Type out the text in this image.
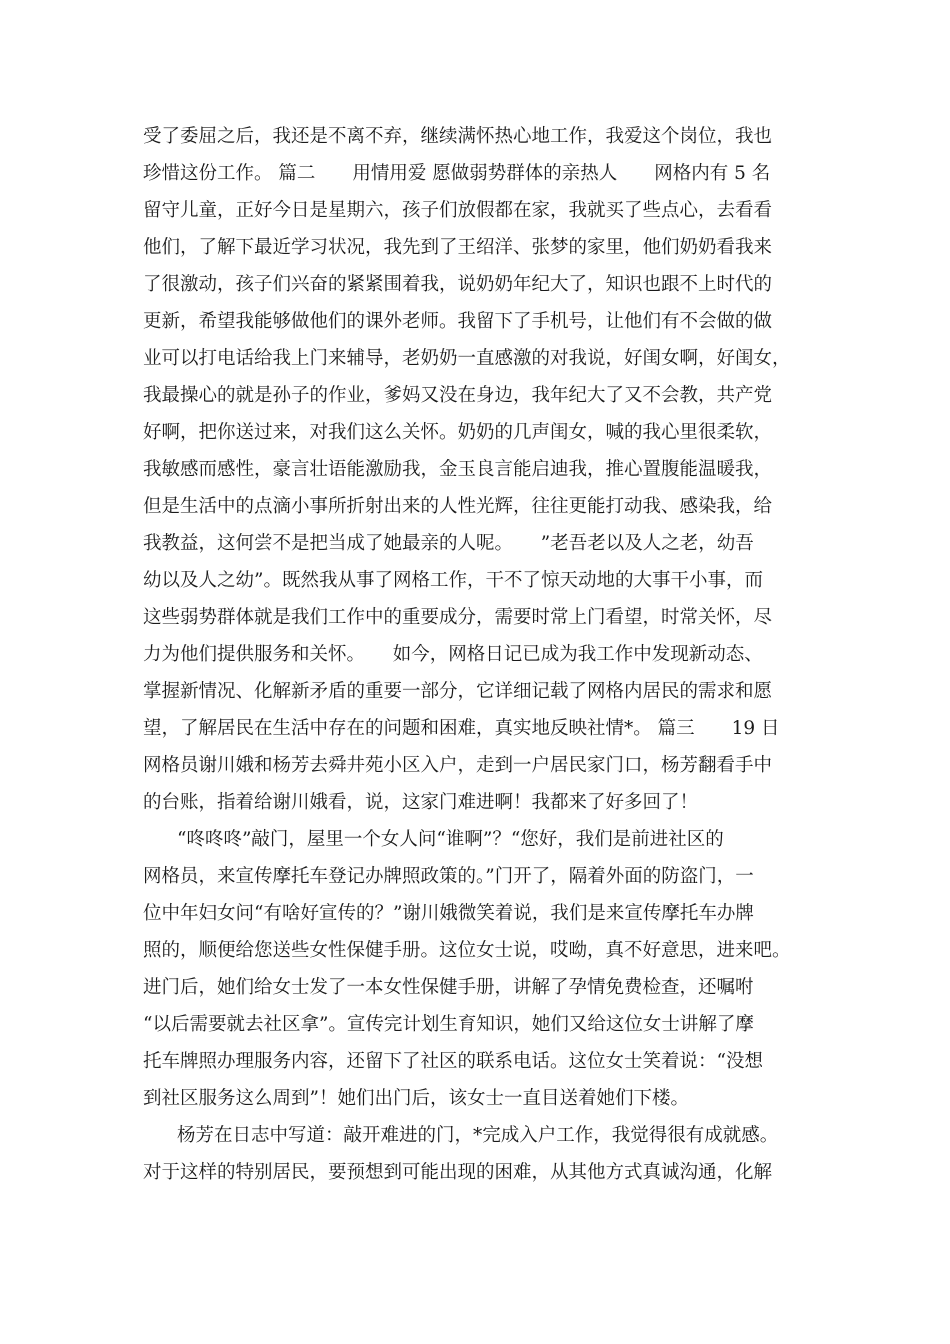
受了委屈之后，我还是不离不弃，继续满怀热心地工作，我爱这个岗位，我也
珍惜这份工作。 篇二　　用情用爱 愿做弱势群体的亲热人　　网格内有 5 名
留守儿童，正好今日是星期六，孩子们放假都在家，我就买了些点心，去看看
他们，了解下最近学习状况，我先到了王绍洋、张梦的家里，他们奶奶看我来
了很激动，孩子们兴奋的紧紧围着我，说奶奶年纪大了，知识也跟不上时代的
更新，希望我能够做他们的课外老师。我留下了手机号，让他们有不会做的做
业可以打电话给我上门来辅导，老奶奶一直感激的对我说，好闺女啊，好闺女，
我最操心的就是孙子的作业，爹妈又没在身边，我年纪大了又不会教，共产党
好啊，把你送过来，对我们这么关怀。奶奶的几声闺女，喊的我心里很柔软，
我敏感而感性，豪言壮语能激励我，金玉良言能启迪我，推心置腹能温暖我，
但是生活中的点滴小事所折射出来的人性光辉，往往更能打动我、感染我，给
我教益，这何尝不是把当成了她最亲的人呢。　　”老吾老以及人之老，幼吾
幼以及人之幼”。既然我从事了网格工作，干不了惊天动地的大事干小事，而
这些弱势群体就是我们工作中的重要成分，需要时常上门看望，时常关怀，尽
力为他们提供服务和关怀。　　如今，网格日记已成为我工作中发现新动态、
掌握新情况、化解新矛盾的重要一部分，它详细记载了网格内居民的需求和愿
望，了解居民在生活中存在的问题和困难，真实地反映社情*。 篇三　　19 日
网格员谢川娥和杨芳去舜井苑小区入户，走到一户居民家门口，杨芳翻看手中
的台账，指着给谢川娥看，说，这家门难进啊！我都来了好多回了！
“咚咚咚”敲门，屋里一个女人问“谁啊”？“您好，我们是前进社区的
网格员，来宣传摩托车登记办牌照政策的。”门开了，隔着外面的防盗门，一
位中年妇女问“有啥好宣传的？”谢川娥微笑着说，我们是来宣传摩托车办牌
照的，顺便给您送些女性保健手册。这位女士说，哎呦，真不好意思，进来吧。
进门后，她们给女士发了一本女性保健手册，讲解了孕情免费检查，还嘱咐
“以后需要就去社区拿”。宣传完计划生育知识，她们又给这位女士讲解了摩
托车牌照办理服务内容，还留下了社区的联系电话。这位女士笑着说：“没想
到社区服务这么周到”！她们出门后，该女士一直目送着她们下楼。
杨芳在日志中写道：敲开难进的门，*完成入户工作，我觉得很有成就感。
对于这样的特别居民，要预想到可能出现的困难，从其他方式真诚沟通，化解
